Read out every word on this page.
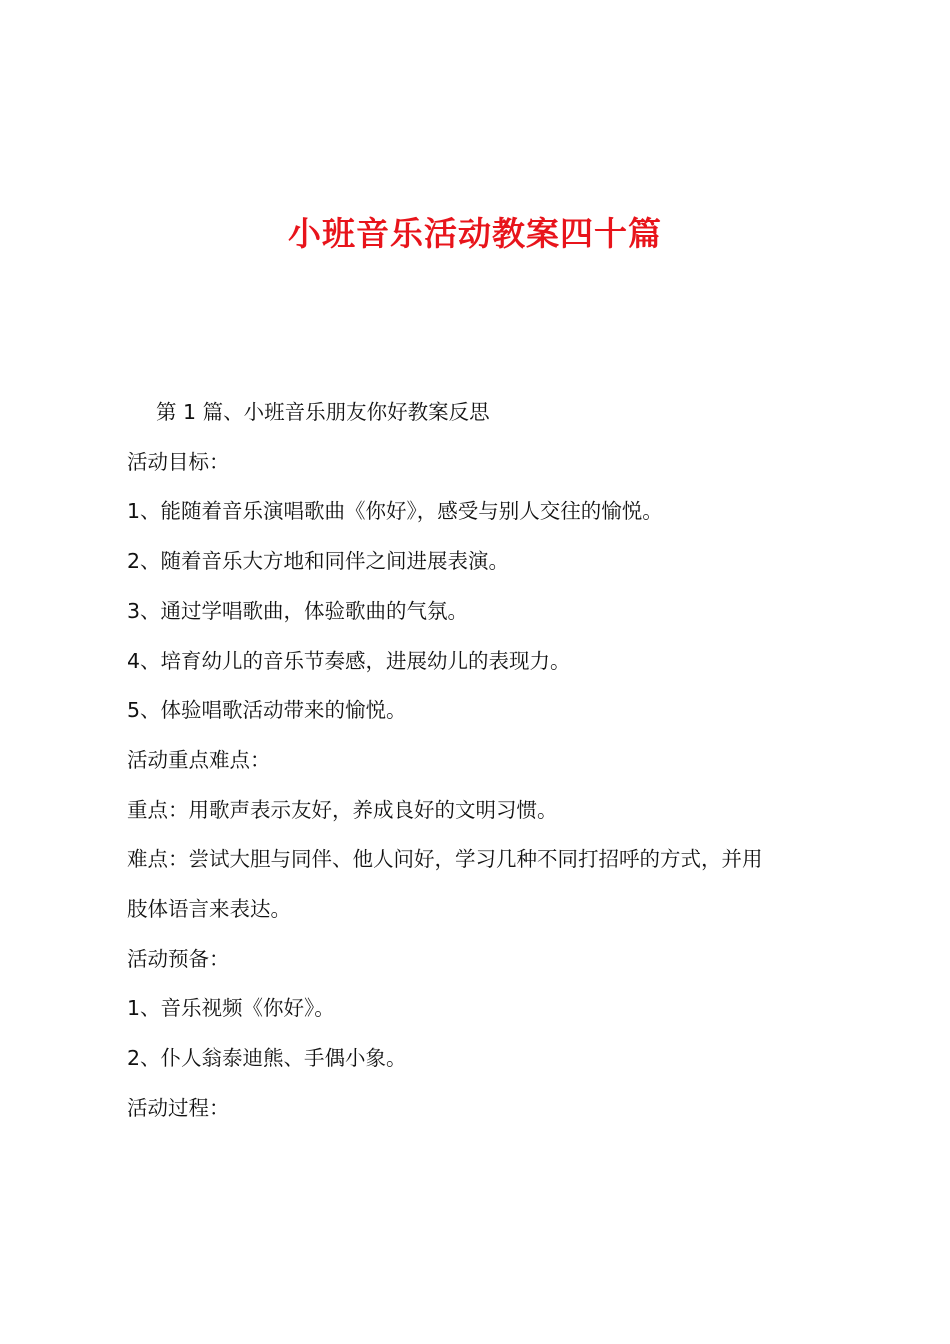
小班音乐活动教案四十篇
第 1 篇、小班音乐朋友你好教案反思
活动目标：
1、能随着音乐演唱歌曲《你好》，感受与别人交往的愉悦。
2、随着音乐大方地和同伴之间进展表演。
3、通过学唱歌曲，体验歌曲的气氛。
4、培育幼儿的音乐节奏感，进展幼儿的表现力。
5、体验唱歌活动带来的愉悦。
活动重点难点：
重点：用歌声表示友好，养成良好的文明习惯。
难点：尝试大胆与同伴、他人问好，学习几种不同打招呼的方式，并用
肢体语言来表达。
活动预备：
1、音乐视频《你好》。
2、仆人翁泰迪熊、手偶小象。
活动过程：
